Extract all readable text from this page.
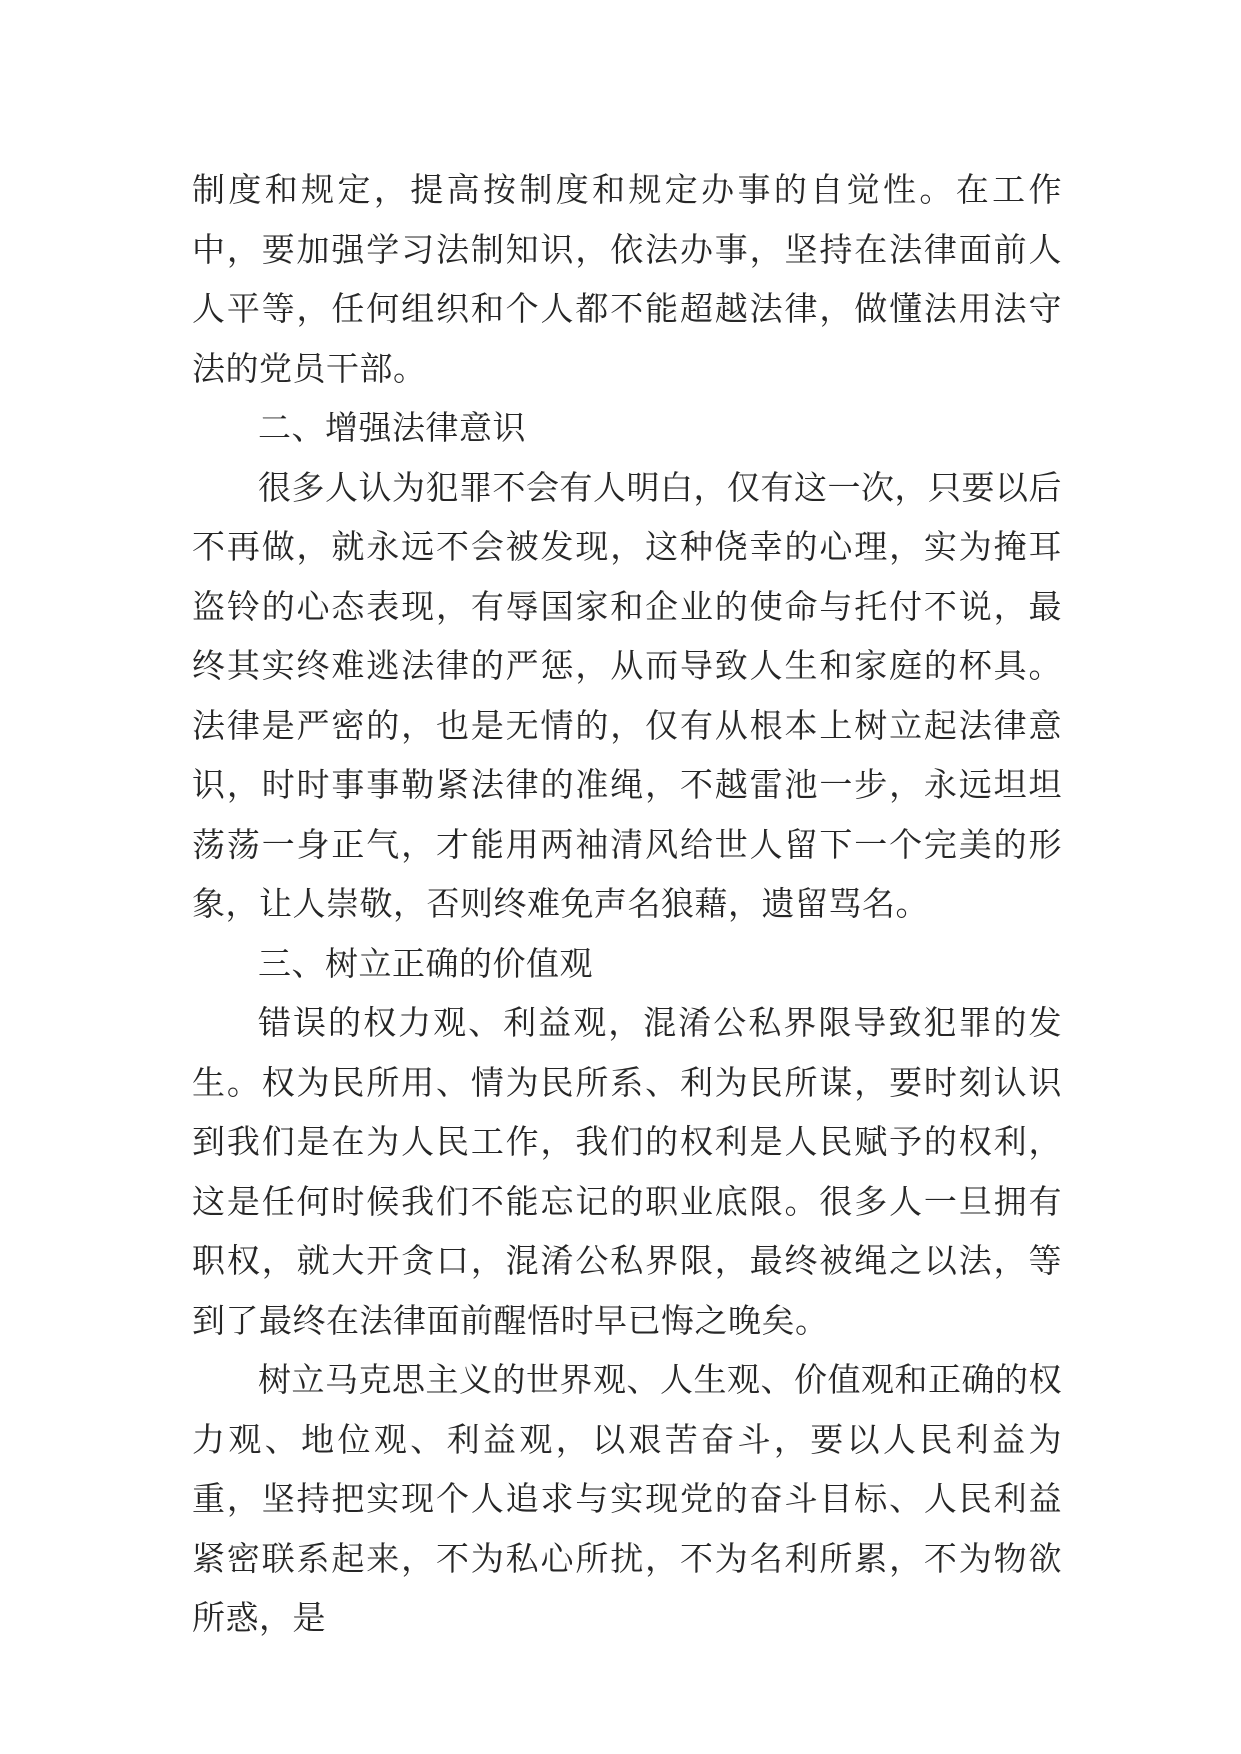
制度和规定，提高按制度和规定办事的自觉性。在工作中，要加强学习法制知识，依法办事，坚持在法律面前人人平等，任何组织和个人都不能超越法律，做懂法用法守法的党员干部。

二、增强法律意识

很多人认为犯罪不会有人明白，仅有这一次，只要以后不再做，就永远不会被发现，这种侥幸的心理，实为掩耳盗铃的心态表现，有辱国家和企业的使命与托付不说，最终其实终难逃法律的严惩，从而导致人生和家庭的杯具。法律是严密的，也是无情的，仅有从根本上树立起法律意识，时时事事勒紧法律的准绳，不越雷池一步，永远坦坦荡荡一身正气，才能用两袖清风给世人留下一个完美的形象，让人崇敬，否则终难免声名狼藉，遗留骂名。

三、树立正确的价值观

错误的权力观、利益观，混淆公私界限导致犯罪的发生。权为民所用、情为民所系、利为民所谋，要时刻认识到我们是在为人民工作，我们的权利是人民赋予的权利，这是任何时候我们不能忘记的职业底限。很多人一旦拥有职权，就大开贪口，混淆公私界限，最终被绳之以法，等到了最终在法律面前醒悟时早已悔之晚矣。

树立马克思主义的世界观、人生观、价值观和正确的权力观、地位观、利益观，以艰苦奋斗，要以人民利益为重，坚持把实现个人追求与实现党的奋斗目标、人民利益紧密联系起来，不为私心所扰，不为名利所累，不为物欲所惑，是
